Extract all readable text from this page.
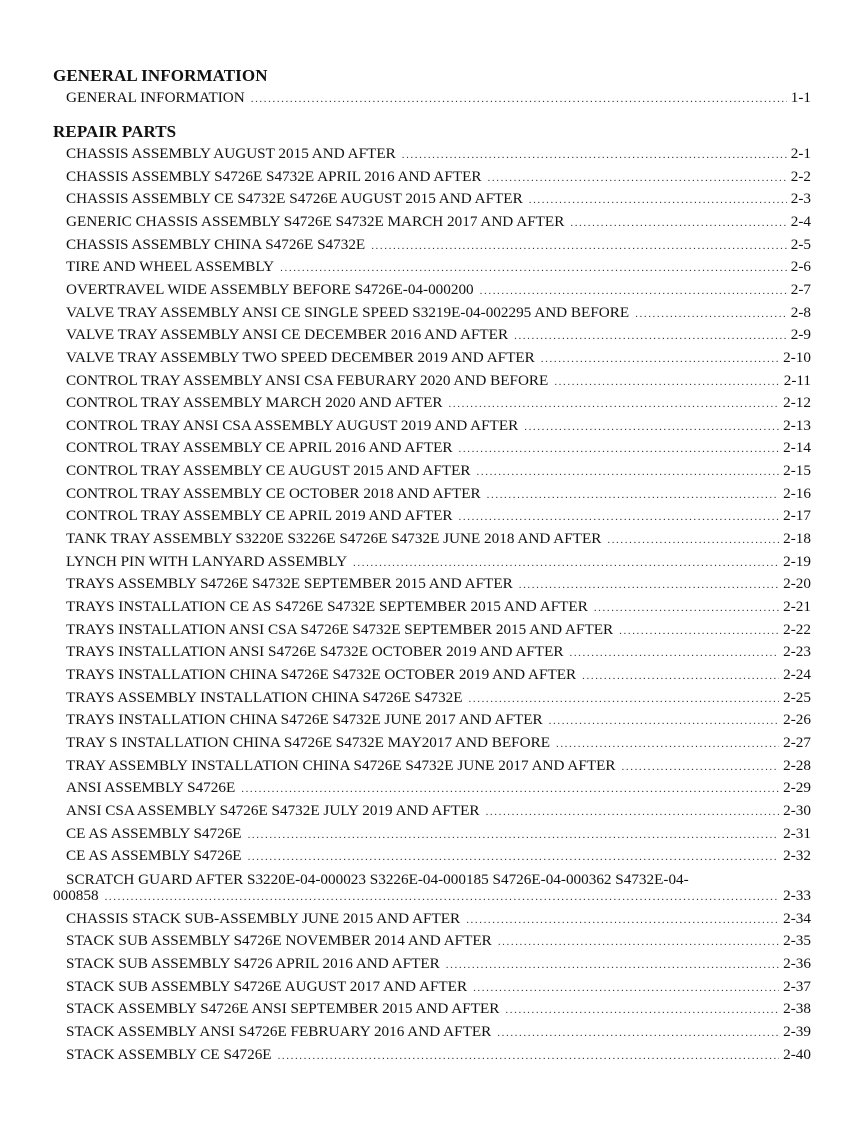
GENERAL INFORMATION
GENERAL INFORMATION .....	1-1
REPAIR PARTS
CHASSIS ASSEMBLY AUGUST 2015 AND AFTER .....	2-1
CHASSIS ASSEMBLY S4726E S4732E APRIL 2016 AND AFTER .....	2-2
CHASSIS ASSEMBLY CE S4732E S4726E AUGUST 2015 AND AFTER .....	2-3
GENERIC CHASSIS ASSEMBLY S4726E S4732E MARCH 2017 AND AFTER .....	2-4
CHASSIS ASSEMBLY CHINA S4726E S4732E .....	2-5
TIRE AND WHEEL ASSEMBLY .....	2-6
OVERTRAVEL WIDE ASSEMBLY BEFORE S4726E-04-000200 .....	2-7
VALVE TRAY ASSEMBLY ANSI CE SINGLE SPEED S3219E-04-002295 AND BEFORE .....	2-8
VALVE TRAY ASSEMBLY ANSI CE DECEMBER 2016 AND AFTER .....	2-9
VALVE TRAY ASSEMBLY TWO SPEED DECEMBER 2019 AND AFTER .....	2-10
CONTROL TRAY ASSEMBLY ANSI CSA FEBURARY 2020 AND BEFORE .....	2-11
CONTROL TRAY ASSEMBLY MARCH 2020 AND AFTER .....	2-12
CONTROL TRAY ANSI CSA ASSEMBLY AUGUST 2019 AND AFTER .....	2-13
CONTROL TRAY ASSEMBLY CE APRIL 2016 AND AFTER .....	2-14
CONTROL TRAY ASSEMBLY CE AUGUST 2015 AND AFTER .....	2-15
CONTROL TRAY ASSEMBLY CE OCTOBER 2018 AND AFTER .....	2-16
CONTROL TRAY ASSEMBLY CE APRIL 2019 AND AFTER .....	2-17
TANK TRAY ASSEMBLY S3220E S3226E S4726E S4732E JUNE 2018 AND AFTER .....	2-18
LYNCH PIN WITH LANYARD ASSEMBLY .....	2-19
TRAYS ASSEMBLY S4726E S4732E SEPTEMBER 2015 AND AFTER .....	2-20
TRAYS INSTALLATION CE AS S4726E S4732E SEPTEMBER 2015 AND AFTER .....	2-21
TRAYS INSTALLATION ANSI CSA S4726E S4732E SEPTEMBER 2015 AND AFTER .....	2-22
TRAYS INSTALLATION ANSI S4726E S4732E OCTOBER 2019 AND AFTER .....	2-23
TRAYS INSTALLATION CHINA S4726E S4732E OCTOBER 2019 AND AFTER .....	2-24
TRAYS ASSEMBLY INSTALLATION CHINA S4726E S4732E .....	2-25
TRAYS INSTALLATION CHINA S4726E S4732E JUNE 2017 AND AFTER .....	2-26
TRAY S INSTALLATION CHINA S4726E S4732E MAY2017 AND BEFORE .....	2-27
TRAY ASSEMBLY INSTALLATION CHINA S4726E S4732E JUNE 2017 AND AFTER .....	2-28
ANSI ASSEMBLY S4726E .....	2-29
ANSI CSA ASSEMBLY S4726E S4732E JULY 2019 AND AFTER .....	2-30
CE AS ASSEMBLY S4726E .....	2-31
CE AS ASSEMBLY S4726E .....	2-32
SCRATCH GUARD AFTER S3220E-04-000023 S3226E-04-000185 S4726E-04-000362 S4732E-04-
000858 .....	2-33
CHASSIS STACK SUB-ASSEMBLY JUNE 2015 AND AFTER .....	2-34
STACK SUB ASSEMBLY S4726E NOVEMBER 2014 AND AFTER .....	2-35
STACK SUB ASSEMBLY S4726 APRIL 2016 AND AFTER .....	2-36
STACK SUB ASSEMBLY S4726E AUGUST 2017 AND AFTER .....	2-37
STACK ASSEMBLY S4726E ANSI SEPTEMBER 2015 AND AFTER .....	2-38
STACK ASSEMBLY ANSI S4726E FEBRUARY 2016 AND AFTER .....	2-39
STACK ASSEMBLY CE S4726E .....	2-40
